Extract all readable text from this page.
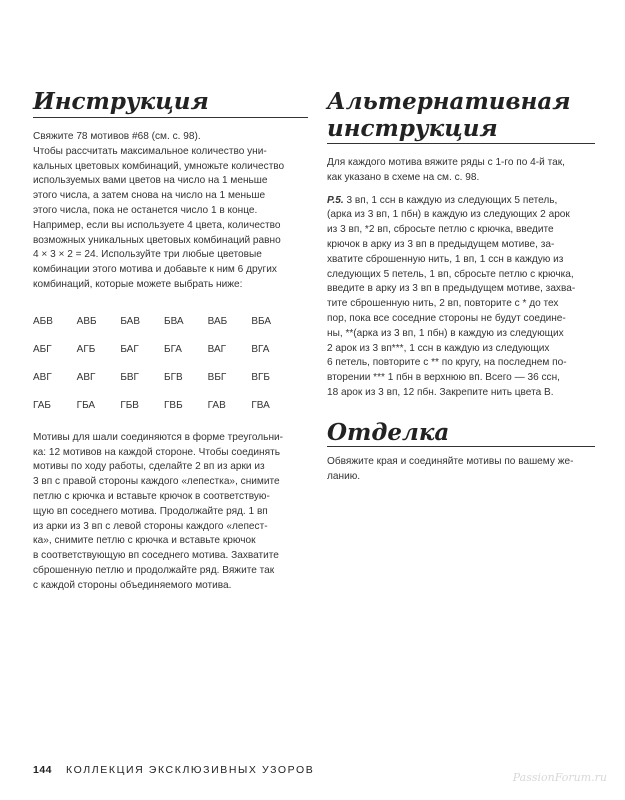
Инструкция

Свяжите 78 мотивов #68 (см. с. 98).

Чтобы рассчитать максимальное количество уни-

кальных цветовых комбинаций, умножьте количество

используемых вами цветов на число на 1 меньше

этого числа, а затем снова на число на 1 меньше

этого числа, пока не останется число 1 в конце.

Например, если вы используете 4 цвета, количество

возможных уникальных цветовых комбинаций равно

4 × 3 × 2 = 24. Используйте три любые цветовые

комбинации этого мотива и добавьте к ним 6 других

комбинаций, которые можете выбрать ниже:

АБВ	АВБ	БАВ	БВА	ВАБ	ВБА
АБГ	АГБ	БАГ	БГА	ВАГ	ВГА
АВГ	АВГ	БВГ	БГВ	ВБГ	ВГБ
ГАБ	ГБА	ГБВ	ГВБ	ГАВ	ГВА

Мотивы для шали соединяются в форме треугольни-

ка: 12 мотивов на каждой стороне. Чтобы соединять

мотивы по ходу работы, сделайте 2 вп из арки из

3 вп с правой стороны каждого «лепестка», снимите

петлю с крючка и вставьте крючок в соответствую-

щую вп соседнего мотива. Продолжайте ряд. 1 вп

из арки из 3 вп с левой стороны каждого «лепест-

ка», снимите петлю с крючка и вставьте крючок

в соответствующую вп соседнего мотива. Захватите

сброшенную петлю и продолжайте ряд. Вяжите так

с каждой стороны объединяемого мотива.

Альтернативная
инструкция

Для каждого мотива вяжите ряды с 1-го по 4-й так,

как указано в схеме на см. с. 98.

Р.5. 3 вп, 1 ссн в каждую из следующих 5 петель,

(арка из 3 вп, 1 пбн) в каждую из следующих 2 арок

из 3 вп, *2 вп, сбросьте петлю с крючка, введите

крючок в арку из 3 вп в предыдущем мотиве, за-

хватите сброшенную нить, 1 вп, 1 ссн в каждую из

следующих 5 петель, 1 вп, сбросьте петлю с крючка,

введите в арку из 3 вп в предыдущем мотиве, захва-

тите сброшенную нить, 2 вп, повторите с * до тех

пор, пока все соседние стороны не будут соедине-

ны, **(арка из 3 вп, 1 пбн) в каждую из следующих

2 арок из 3 вп***, 1 ссн в каждую из следующих

6 петель, повторите с ** по кругу, на последнем по-

вторении *** 1 пбн в верхнюю вп. Всего — 36 ссн,

18 арок из 3 вп, 12 пбн. Закрепите нить цвета В.

Отделка

Обвяжите края и соединяйте мотивы по вашему же-

ланию.

144 КОЛЛЕКЦИЯ ЭКСКЛЮЗИВНЫХ УЗОРОВ
PassionForum.ru
